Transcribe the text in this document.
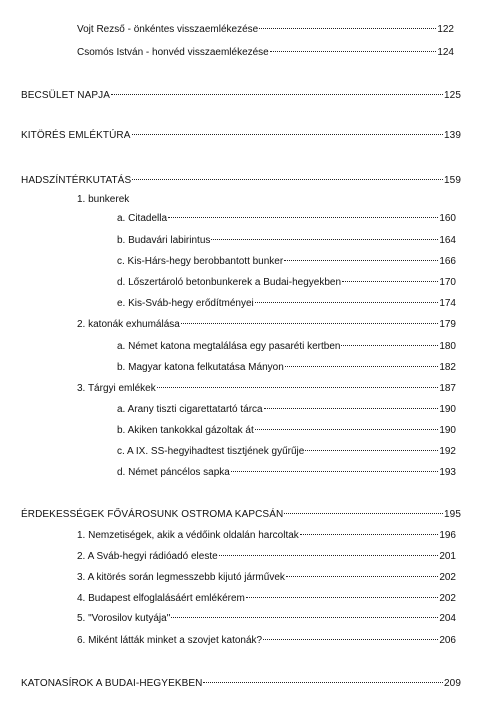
Vojt Rezső - önkéntes visszaemlékezése	122
Csomós István - honvéd visszaemlékezése	124
BECSÜLET NAPJA	125
KITÖRÉS EMLÉKTÚRA	139
HADSZÍNTÉRKUTATÁS	159
1. bunkerek
a. Citadella	160
b. Budavári labirintus	164
c. Kis-Hárs-hegy berobbantott bunker	166
d. Lőszertároló betonbunkerek a Budai-hegyekben	170
e. Kis-Sváb-hegy erődítményei	174
2. katonák exhumálása	179
a. Német katona megtalálása egy pasaréti kertben	180
b. Magyar katona felkutatása Mányon	182
3. Tárgyi emlékek	187
a. Arany tiszti cigarettatartó tárca	190
b. Akiken tankokkal gázoltak át	190
c. A IX. SS-hegyihadtest tisztjének gyűrűje	192
d. Német páncélos sapka	193
ÉRDEKESSÉGEK FŐVÁROSUNK OSTROMA KAPCSÁN	195
1. Nemzetiségek, akik a védőink oldalán harcoltak	196
2. A Sváb-hegyi rádióadó eleste	201
3. A kitörés során legmesszebb kijutó járművek	202
4. Budapest elfoglalásáért emlékérem	202
5. "Vorosilov kutyája"	204
6. Miként látták minket a szovjet katonák?	206
KATONASÍROK A BUDAI-HEGYEKBEN	209
